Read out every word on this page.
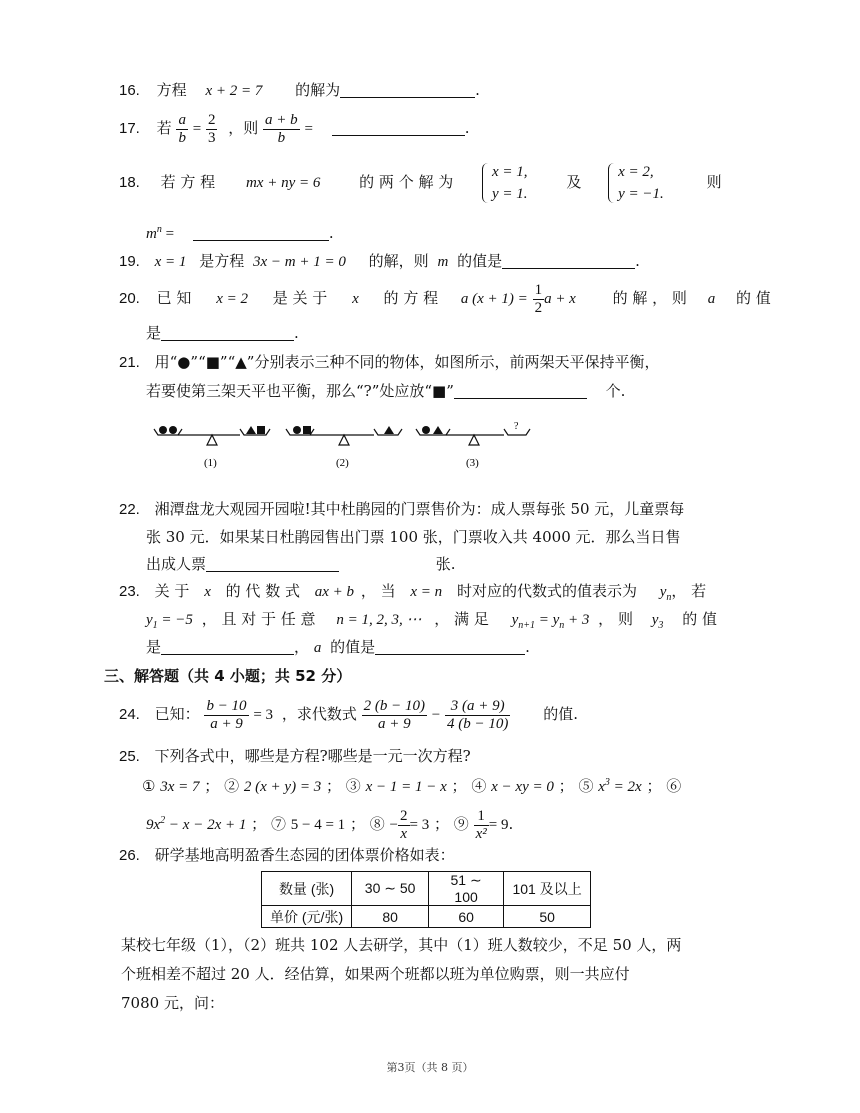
16. 方程 x + 2 = 7 的解为	.
17. 若 $\frac{a}{b} = \frac{2}{3}$ ，则 $\frac{a + b}{b}$ =	.
18. 若 方 程 mx + ny = 6	的 两 个 解 为
x = 1,
y = 1.
及
x = 2,
y = −1.
则
$m^n$ =	.
19. x = 1 是方程 3x − m + 1 = 0 的解，则 m 的值是	.
20. 已 知 x = 2 是 关 于 x 的 方 程 a $(x + 1) = \frac{1}{2}$ a + x 的 解 ， 则 a 的 值
是	.
21. 用“●”“■”“▲”分别表示三种不同的物体，如图所示，前两架天平保持平衡，
若要使第三架天平也平衡，那么“?”处应放“■”	个.
?
(1)	(2)	(3)
22. 湘潭盘龙大观园开园啦!其中杜鹃园的门票售价为：成人票每张 50 元，儿童票每
张 30 元．如果某日杜鹃园售出门票 100 张，门票收入共 4000 元．那么当日售
出成人票	张.
23. 关 于 x 的 代 数 式 ax + b ， 当 x = n 时对应的代数式的值表示为 $y_n$， 若
$y_1 = -5$ ， 且 对 于 任 意 n = 1, 2, 3, ⋯ ， 满 足 $y_{n+1} = y_n + 3$ ， 则 $y_3$ 的 值
是	， a 的值是	.
三、解答题（共 4 小题；共 52 分）
24. 已知： $\frac{b - 10}{a + 9} = 3$ ，求代数式 $\frac{2 (b - 10)}{a + 9} - \frac{3 (a + 9)}{4 (b - 10)}$ 的值.
25. 下列各式中，哪些是方程?哪些是一元一次方程?
① 3x = 7 ； ② 2 (x + y) = 3 ； ③ x − 1 = 1 − x ； ④ x − xy = 0 ； ⑤ $x^3 = 2x$ ； ⑥
$9x^2 - x - 2x + 1$ ； ⑦ 5 − 4 = 1 ； ⑧ − $\frac{2}{x} = 3$ ； ⑨ $\frac{1}{\text{x²}} = 9$.
26. 研学基地高明盈香生态园的团体票价格如表：
数量 (张)	30 ∼ 50	51 ∼ 100	101 及以上
单价 (元/张)	80	60	50
某校七年级（1），（2）班共 102 人去研学，其中（1）班人数较少，不足 50 人，两
个班相差不超过 20 人．经估算，如果两个班都以班为单位购票，则一共应付
7080 元，问：
第3页（共 8 页）
